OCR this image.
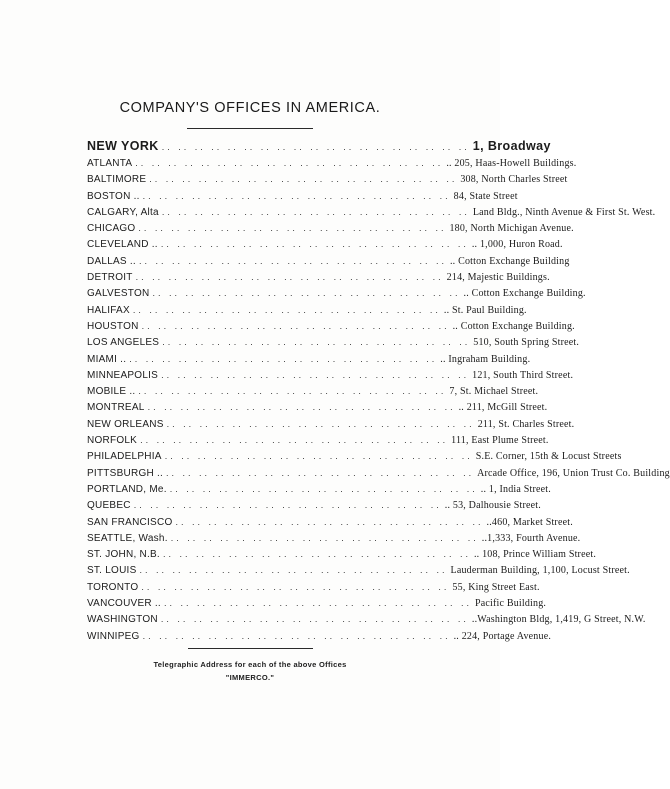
COMPANY'S OFFICES IN AMERICA.
NEW YORK .. .. .. .. .. .. .. .. .. .. .. .. .. .. .. .. .. .. .. 1, Broadway
ATLANTA .. .. .. .. .. .. .. .. .. .. .. .. .. .. .. .. .. .. .. .. 205, Haas-Howell Buildings.
BALTIMORE .. .. .. .. .. .. .. .. .. .. .. .. .. .. .. .. .. .. .. 308, North Charles Street
BOSTON .. .. .. .. .. .. .. .. .. .. .. .. .. .. .. .. .. .. .. .. 84, State Street
CALGARY, Alta .. .. .. .. .. .. .. .. .. .. .. .. .. .. .. .. .. .. .. Land Bldg., Ninth Avenue & First St. West.
CHICAGO .. .. .. .. .. .. .. .. .. .. .. .. .. .. .. .. .. .. .. 180, North Michigan Avenue.
CLEVELAND .. .. .. .. .. .. .. .. .. .. .. .. .. .. .. .. .. .. .. .. .. 1,000, Huron Road.
DALLAS .. .. .. .. .. .. .. .. .. .. .. .. .. .. .. .. .. .. .. .. .. Cotton Exchange Building
DETROIT .. .. .. .. .. .. .. .. .. .. .. .. .. .. .. .. .. .. .. 214, Majestic Buildings.
GALVESTON .. .. .. .. .. .. .. .. .. .. .. .. .. .. .. .. .. .. .. .. Cotton Exchange Building.
HALIFAX .. .. .. .. .. .. .. .. .. .. .. .. .. .. .. .. .. .. .. .. St. Paul Building.
HOUSTON .. .. .. .. .. .. .. .. .. .. .. .. .. .. .. .. .. .. .. .. Cotton Exchange Building.
LOS ANGELES .. .. .. .. .. .. .. .. .. .. .. .. .. .. .. .. .. .. .. 510, South Spring Street.
MIAMI .. .. .. .. .. .. .. .. .. .. .. .. .. .. .. .. .. .. .. .. .. Ingraham Building.
MINNEAPOLIS .. .. .. .. .. .. .. .. .. .. .. .. .. .. .. .. .. .. .. 121, South Third Street.
MOBILE .. .. .. .. .. .. .. .. .. .. .. .. .. .. .. .. .. .. .. .. 7, St. Michael Street.
MONTREAL .. .. .. .. .. .. .. .. .. .. .. .. .. .. .. .. .. .. .. .. 211, McGill Street.
NEW ORLEANS .. .. .. .. .. .. .. .. .. .. .. .. .. .. .. .. .. .. .. 211, St. Charles Street.
NORFOLK .. .. .. .. .. .. .. .. .. .. .. .. .. .. .. .. .. .. .. 111, East Plume Street.
PHILADELPHIA .. .. .. .. .. .. .. .. .. .. .. .. .. .. .. .. .. .. .. S.E. Corner, 15th & Locust Streets
PITTSBURGH .. .. .. .. .. .. .. .. .. .. .. .. .. .. .. .. .. .. .. .. Arcade Office, 196, Union Trust Co. Building
PORTLAND, Me. .. .. .. .. .. .. .. .. .. .. .. .. .. .. .. .. .. .. .. .. 1, India Street.
QUEBEC .. .. .. .. .. .. .. .. .. .. .. .. .. .. .. .. .. .. .. .. 53, Dalhousie Street.
SAN FRANCISCO .. .. .. .. .. .. .. .. .. .. .. .. .. .. .. .. .. .. .. ..460, Market Street.
SEATTLE, Wash. .. .. .. .. .. .. .. .. .. .. .. .. .. .. .. .. .. .. .. ..1,333, Fourth Avenue.
ST. JOHN, N.B. .. .. .. .. .. .. .. .. .. .. .. .. .. .. .. .. .. .. .. .. 108, Prince William Street.
ST. LOUIS .. .. .. .. .. .. .. .. .. .. .. .. .. .. .. .. .. .. .. Lauderman Building, 1,100, Locust Street.
TORONTO .. .. .. .. .. .. .. .. .. .. .. .. .. .. .. .. .. .. .. 55, King Street East.
VANCOUVER .. .. .. .. .. .. .. .. .. .. .. .. .. .. .. .. .. .. .. .. Pacific Building.
WASHINGTON .. .. .. .. .. .. .. .. .. .. .. .. .. .. .. .. .. .. .. ..Washington Bldg, 1,419, G Street, N.W.
WINNIPEG .. .. .. .. .. .. .. .. .. .. .. .. .. .. .. .. .. .. .. .. 224, Portage Avenue.
Telegraphic Address for each of the above Offices
"IMMERCO."
